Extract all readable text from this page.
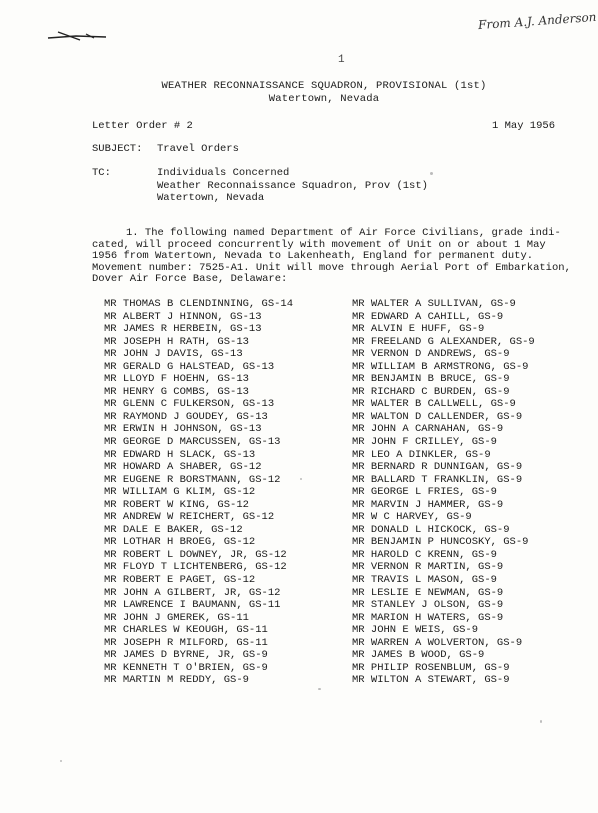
From A.J. Anderson
1
WEATHER RECONNAISSANCE SQUADRON, PROVISIONAL (1st)
Watertown, Nevada
Letter Order # 2	1 May 1956
SUBJECT: Travel Orders
TC:	Individuals Concerned
Weather Reconnaissance Squadron, Prov (1st)
Watertown, Nevada
1. The following named Department of Air Force Civilians, grade indi-
cated, will proceed concurrently with movement of Unit on or about 1 May
1956 from Watertown, Nevada to Lakenheath, England for permanent duty.
Movement number: 7525-A1. Unit will move through Aerial Port of Embarkation,
Dover Air Force Base, Delaware:
MR THOMAS B CLENDINNING, GS-14
MR ALBERT J HINNON, GS-13
MR JAMES R HERBEIN, GS-13
MR JOSEPH H RATH, GS-13
MR JOHN J DAVIS, GS-13
MR GERALD G HALSTEAD, GS-13
MR LLOYD F HOEHN, GS-13
MR HENRY G COMBS, GS-13
MR GLENN C FULKERSON, GS-13
MR RAYMOND J GOUDEY, GS-13
MR ERWIN H JOHNSON, GS-13
MR GEORGE D MARCUSSEN, GS-13
MR EDWARD H SLACK, GS-13
MR HOWARD A SHABER, GS-12
MR EUGENE R BORSTMANN, GS-12
MR WILLIAM G KLIM, GS-12
MR ROBERT W KING, GS-12
MR ANDREW W REICHERT, GS-12
MR DALE E BAKER, GS-12
MR LOTHAR H BROEG, GS-12
MR ROBERT L DOWNEY, JR, GS-12
MR FLOYD T LICHTENBERG, GS-12
MR ROBERT E PAGET, GS-12
MR JOHN A GILBERT, JR, GS-12
MR LAWRENCE I BAUMANN, GS-11
MR JOHN J GMEREK, GS-11
MR CHARLES W KEOUGH, GS-11
MR JOSEPH R MILFORD, GS-11
MR JAMES D BYRNE, JR, GS-9
MR KENNETH T O'BRIEN, GS-9
MR MARTIN M REDDY, GS-9
MR WALTER A SULLIVAN, GS-9
MR EDWARD A CAHILL, GS-9
MR ALVIN E HUFF, GS-9
MR FREELAND G ALEXANDER, GS-9
MR VERNON D ANDREWS, GS-9
MR WILLIAM B ARMSTRONG, GS-9
MR BENJAMIN B BRUCE, GS-9
MR RICHARD C BURDEN, GS-9
MR WALTER B CALLWELL, GS-9
MR WALTON D CALLENDER, GS-9
MR JOHN A CARNAHAN, GS-9
MR JOHN F CRILLEY, GS-9
MR LEO A DINKLER, GS-9
MR BERNARD R DUNNIGAN, GS-9
MR BALLARD T FRANKLIN, GS-9
MR GEORGE L FRIES, GS-9
MR MARVIN J HAMMER, GS-9
MR W C HARVEY, GS-9
MR DONALD L HICKOCK, GS-9
MR BENJAMIN P HUNCOSKY, GS-9
MR HAROLD C KRENN, GS-9
MR VERNON R MARTIN, GS-9
MR TRAVIS L MASON, GS-9
MR LESLIE E NEWMAN, GS-9
MR STANLEY J OLSON, GS-9
MR MARION H WATERS, GS-9
MR JOHN E WEIS, GS-9
MR WARREN A WOLVERTON, GS-9
MR JAMES B WOOD, GS-9
MR PHILIP ROSENBLUM, GS-9
MR WILTON A STEWART, GS-9
